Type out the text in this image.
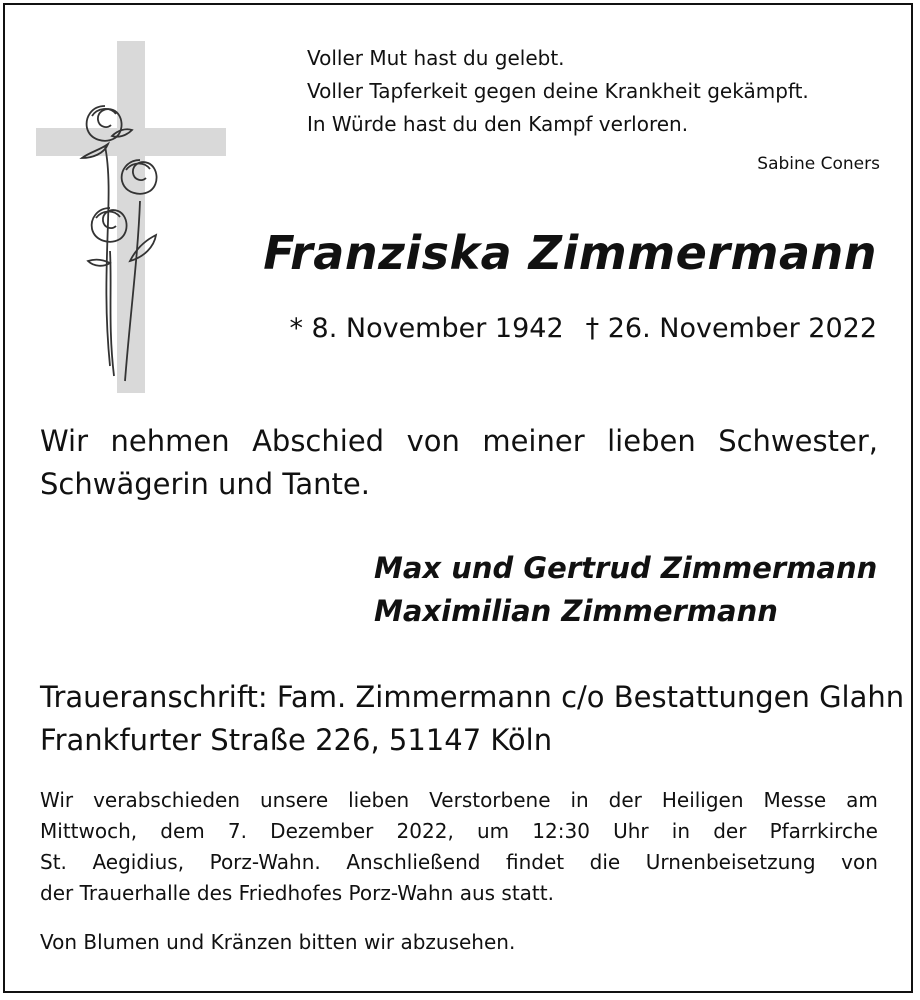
Voller Mut hast du gelebt.
Voller Tapferkeit gegen deine Krankheit gekämpft.
In Würde hast du den Kampf verloren.
Sabine Coners
Franziska Zimmermann
* 8. November 1942 † 26. November 2022
Wir nehmen Abschied von meiner lieben Schwester,
Schwägerin und Tante.
Max und Gertrud Zimmermann
Maximilian Zimmermann
Traueranschrift: Fam. Zimmermann c/o Bestattungen Glahn
Frankfurter Straße 226, 51147 Köln
Wir verabschieden unsere lieben Verstorbene in der Heiligen Messe am
Mittwoch, dem 7. Dezember 2022, um 12:30 Uhr in der Pfarrkirche
St. Aegidius, Porz-Wahn. Anschließend findet die Urnenbeisetzung von
der Trauerhalle des Friedhofes Porz-Wahn aus statt.
Von Blumen und Kränzen bitten wir abzusehen.
